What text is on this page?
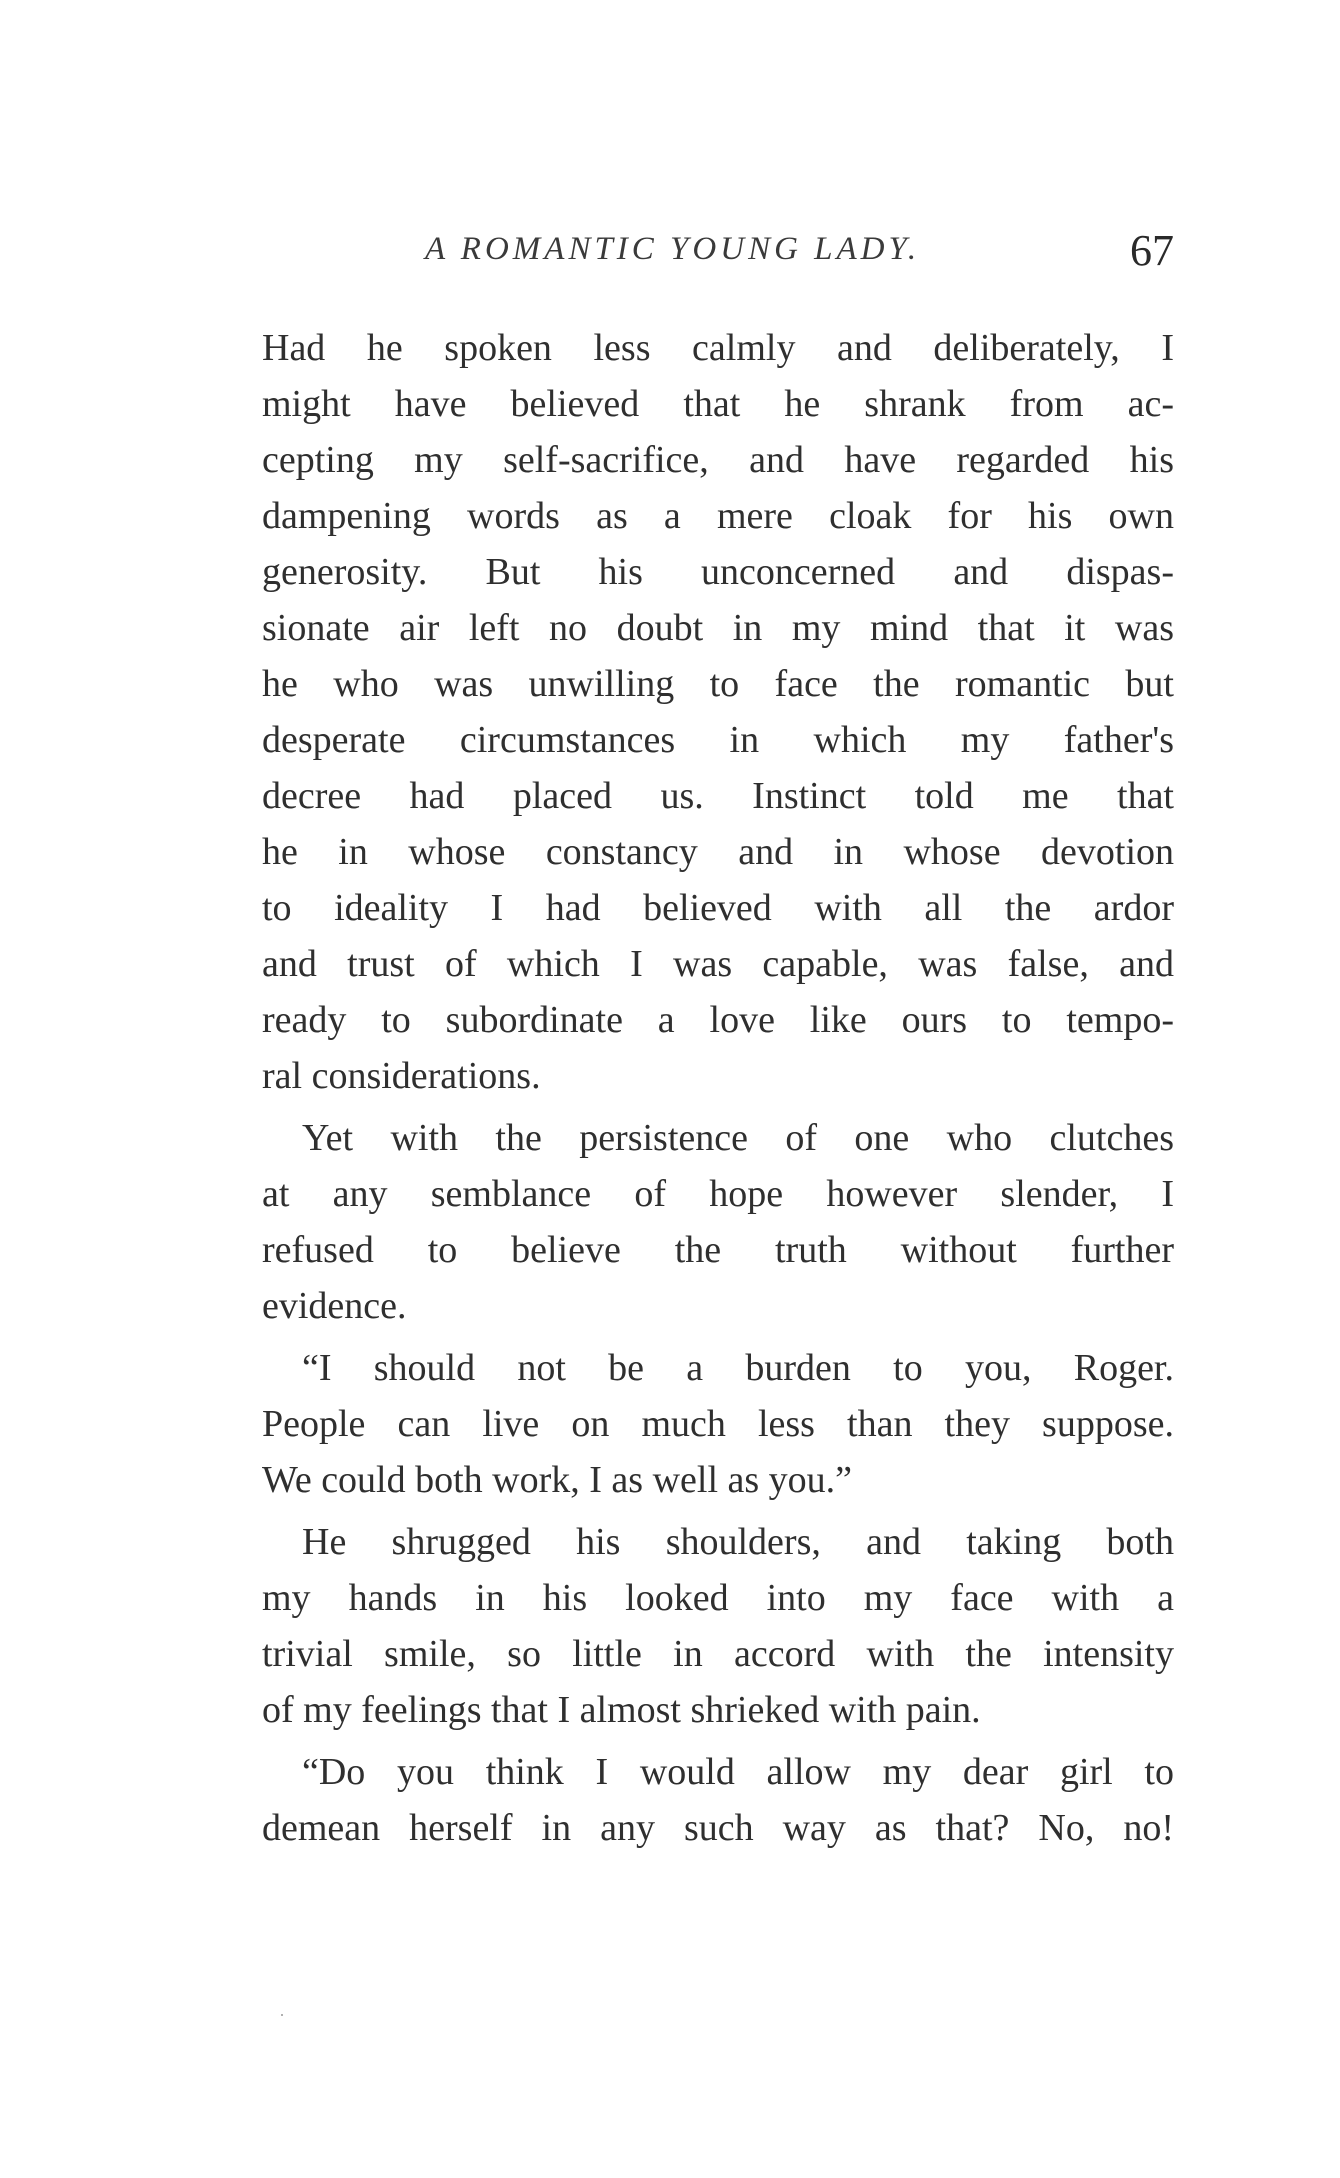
A ROMANTIC YOUNG LADY.	67
Had he spoken less calmly and deliberately, I
might have believed that he shrank from ac-
cepting my self-sacrifice, and have regarded his
dampening words as a mere cloak for his own
generosity. But his unconcerned and dispas-
sionate air left no doubt in my mind that it was
he who was unwilling to face the romantic but
desperate circumstances in which my father's
decree had placed us. Instinct told me that
he in whose constancy and in whose devotion
to ideality I had believed with all the ardor
and trust of which I was capable, was false, and
ready to subordinate a love like ours to tempo-
ral considerations.
Yet with the persistence of one who clutches
at any semblance of hope however slender, I
refused to believe the truth without further
evidence.
“I should not be a burden to you, Roger.
People can live on much less than they suppose.
We could both work, I as well as you.”
He shrugged his shoulders, and taking both
my hands in his looked into my face with a
trivial smile, so little in accord with the intensity
of my feelings that I almost shrieked with pain.
“Do you think I would allow my dear girl to
demean herself in any such way as that? No, no!
